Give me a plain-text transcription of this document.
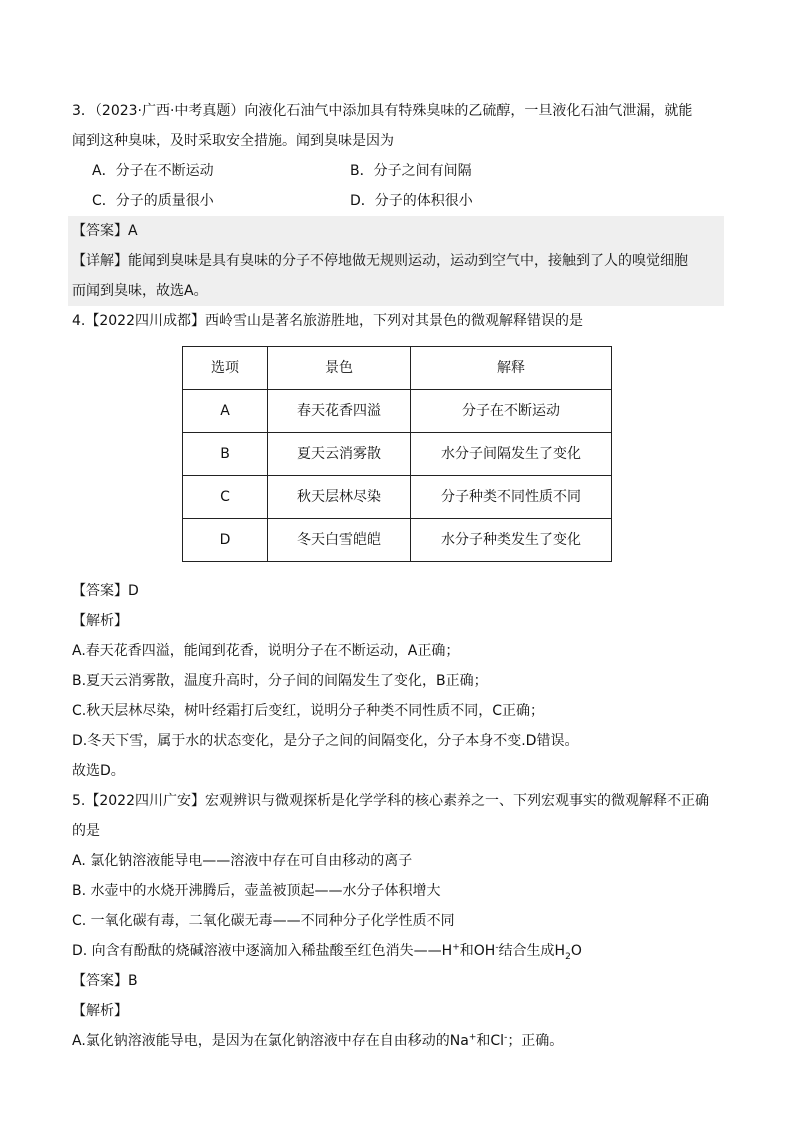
3．（2023·广西·中考真题）向液化石油气中添加具有特殊臭味的乙硫醇，一旦液化石油气泄漏，就能
闻到这种臭味，及时采取安全措施。闻到臭味是因为
A．分子在不断运动	B．分子之间有间隔
C．分子的质量很小	D．分子的体积很小
【答案】A
【详解】能闻到臭味是具有臭味的分子不停地做无规则运动，运动到空气中，接触到了人的嗅觉细胞
而闻到臭味，故选A。
4.【2022四川成都】西岭雪山是著名旅游胜地，下列对其景色的微观解释错误的是
选项	景色	解释
A	春天花香四溢	分子在不断运动
B	夏天云消雾散	水分子间隔发生了变化
C	秋天层林尽染	分子种类不同性质不同
D	冬天白雪皑皑	水分子种类发生了变化
【答案】D
【解析】
A.春天花香四溢，能闻到花香，说明分子在不断运动，A正确；
B.夏天云消雾散，温度升高时，分子间的间隔发生了变化，B正确；
C.秋天层林尽染，树叶经霜打后变红，说明分子种类不同性质不同，C正确；
D.冬天下雪，属于水的状态变化，是分子之间的间隔变化，分子本身不变.D错误。
故选D。
5.【2022四川广安】宏观辨识与微观探析是化学学科的核心素养之一、下列宏观事实的微观解释不正确
的是
A. 氯化钠溶液能导电——溶液中存在可自由移动的离子
B. 水壶中的水烧开沸腾后，壶盖被顶起——水分子体积增大
C. 一氧化碳有毒，二氧化碳无毒——不同种分子化学性质不同
D. 向含有酚酞的烧碱溶液中逐滴加入稀盐酸至红色消失——H+和OH-结合生成$H_2O$
【答案】B
【解析】
A.氯化钠溶液能导电，是因为在氯化钠溶液中存在自由移动的Na+和Cl-；正确。
